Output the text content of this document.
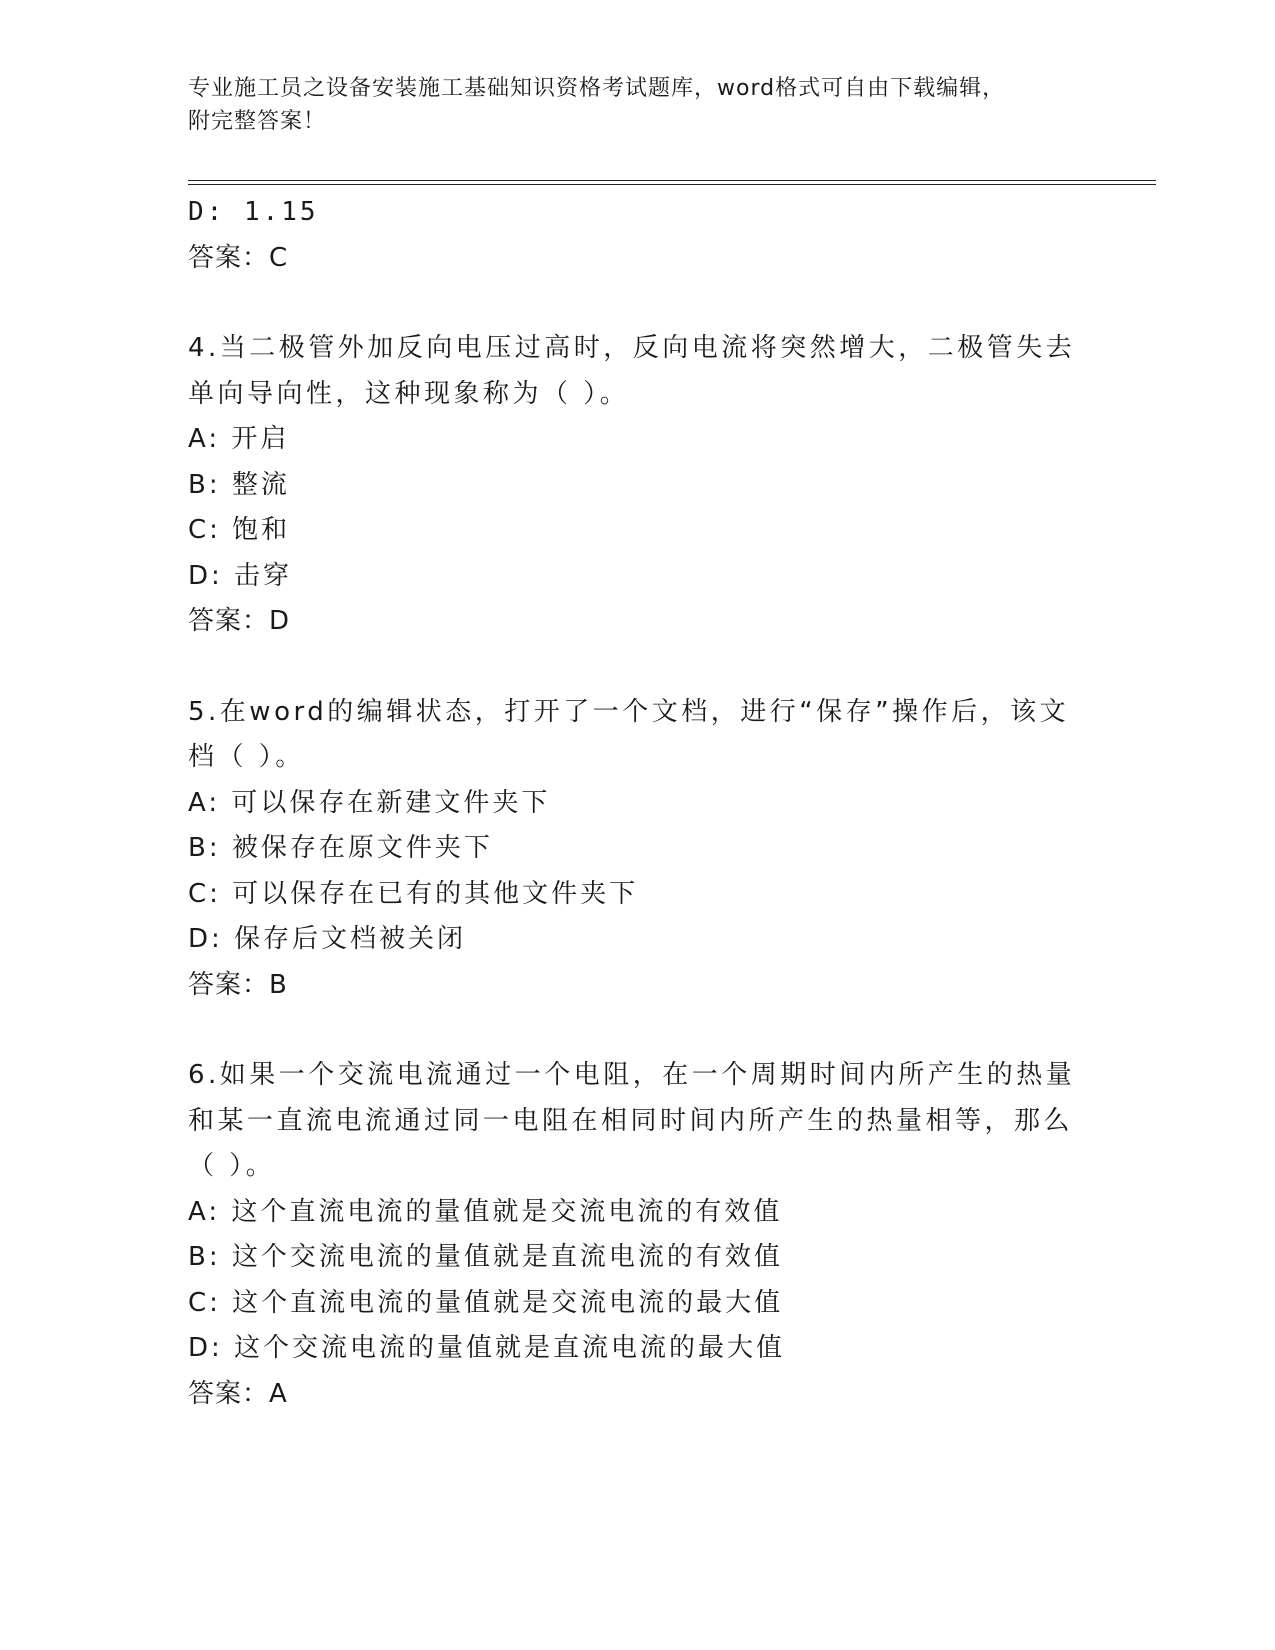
专业施工员之设备安装施工基础知识资格考试题库，word格式可自由下载编辑，
附完整答案！
D: 1.15
答案：C
4.当二极管外加反向电压过高时，反向电流将突然增大，二极管失去
单向导向性，这种现象称为（ ）。
A: 开启
B: 整流
C: 饱和
D: 击穿
答案：D
5.在word的编辑状态，打开了一个文档，进行“保存”操作后，该文
档（ ）。
A: 可以保存在新建文件夹下
B: 被保存在原文件夹下
C: 可以保存在已有的其他文件夹下
D: 保存后文档被关闭
答案：B
6.如果一个交流电流通过一个电阻，在一个周期时间内所产生的热量
和某一直流电流通过同一电阻在相同时间内所产生的热量相等，那么
（ ）。
A: 这个直流电流的量值就是交流电流的有效值
B: 这个交流电流的量值就是直流电流的有效值
C: 这个直流电流的量值就是交流电流的最大值
D: 这个交流电流的量值就是直流电流的最大值
答案：A
